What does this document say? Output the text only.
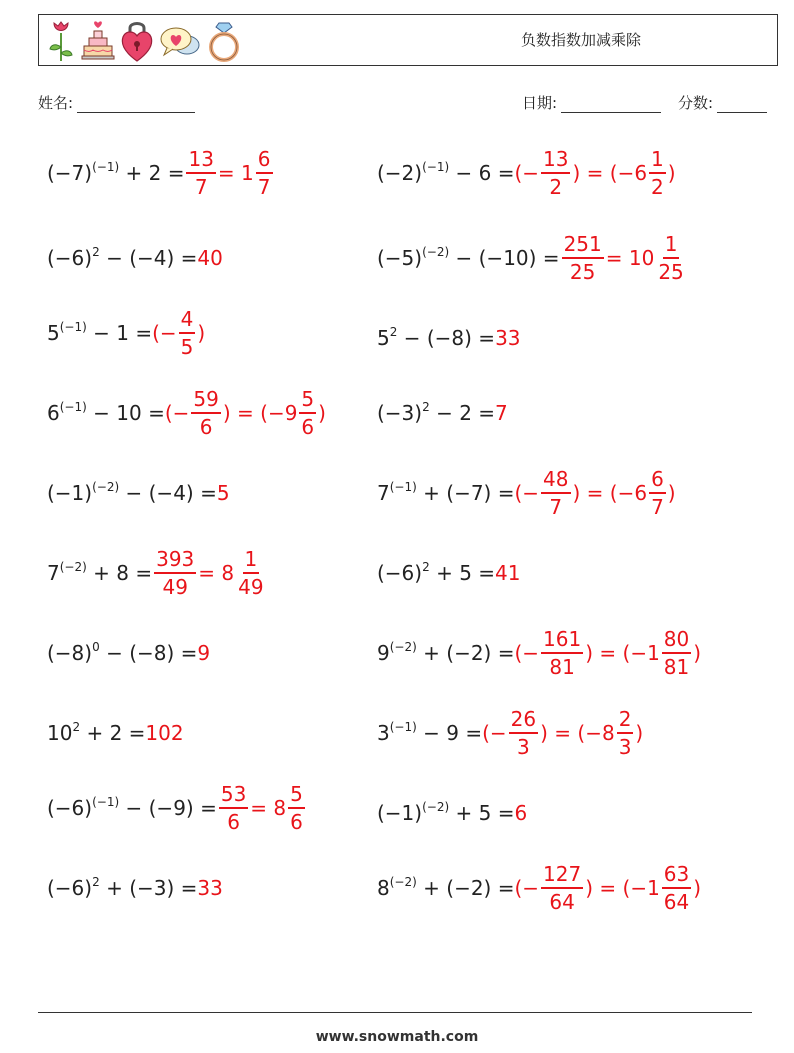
负数指数加减乘除
姓名:	日期:	分数:
$(-7)^{(-1)} + 2 = \frac{13}{7} = 1 \frac{6}{7}$	$(-2)^{(-1)} - 6$ = (− $\frac{13}{2}$ ) = ($-6 \frac{1}{2}$ )
$(-6)^2 - (-4) = 40$	$(-5)^{(-2)} - (-10) = \frac{251}{25} = 10 \frac{1}{25}$
$5^{(-1)} - 1$ = (− $\frac{4}{5}$ )	$5^2 - (-8) = 33$
$6^{(-1)} - 10$ = (− $\frac{59}{6}$ ) = ($-9 \frac{5}{6}$ )	$(-3)^2 - 2 = 7$
$(-1)^{(-2)} - (-4) = 5$	$7^{(-1)} + (-7)$ = (− $\frac{48}{7}$ ) = ($-6 \frac{6}{7}$ )
$7^{(-2)} + 8 = \frac{393}{49} = 8 \frac{1}{49}$	$(-6)^2 + 5 = 41$
$(-8)^0 - (-8) = 9$	$9^{(-2)} + (-2)$ = (− $\frac{161}{81}$ ) = ($-1 \frac{80}{81}$ )
$10^2 + 2 = 102$	$3^{(-1)} - 9$ = (− $\frac{26}{3}$ ) = ($-8 \frac{2}{3}$ )
$(-6)^{(-1)} - (-9) = \frac{53}{6} = 8 \frac{5}{6}$	$(-1)^{(-2)} + 5 = 6$
$(-6)^2 + (-3) = 33$	$8^{(-2)} + (-2)$ = (− $\frac{127}{64}$ ) = ($-1 \frac{63}{64}$ )
www.snowmath.com
